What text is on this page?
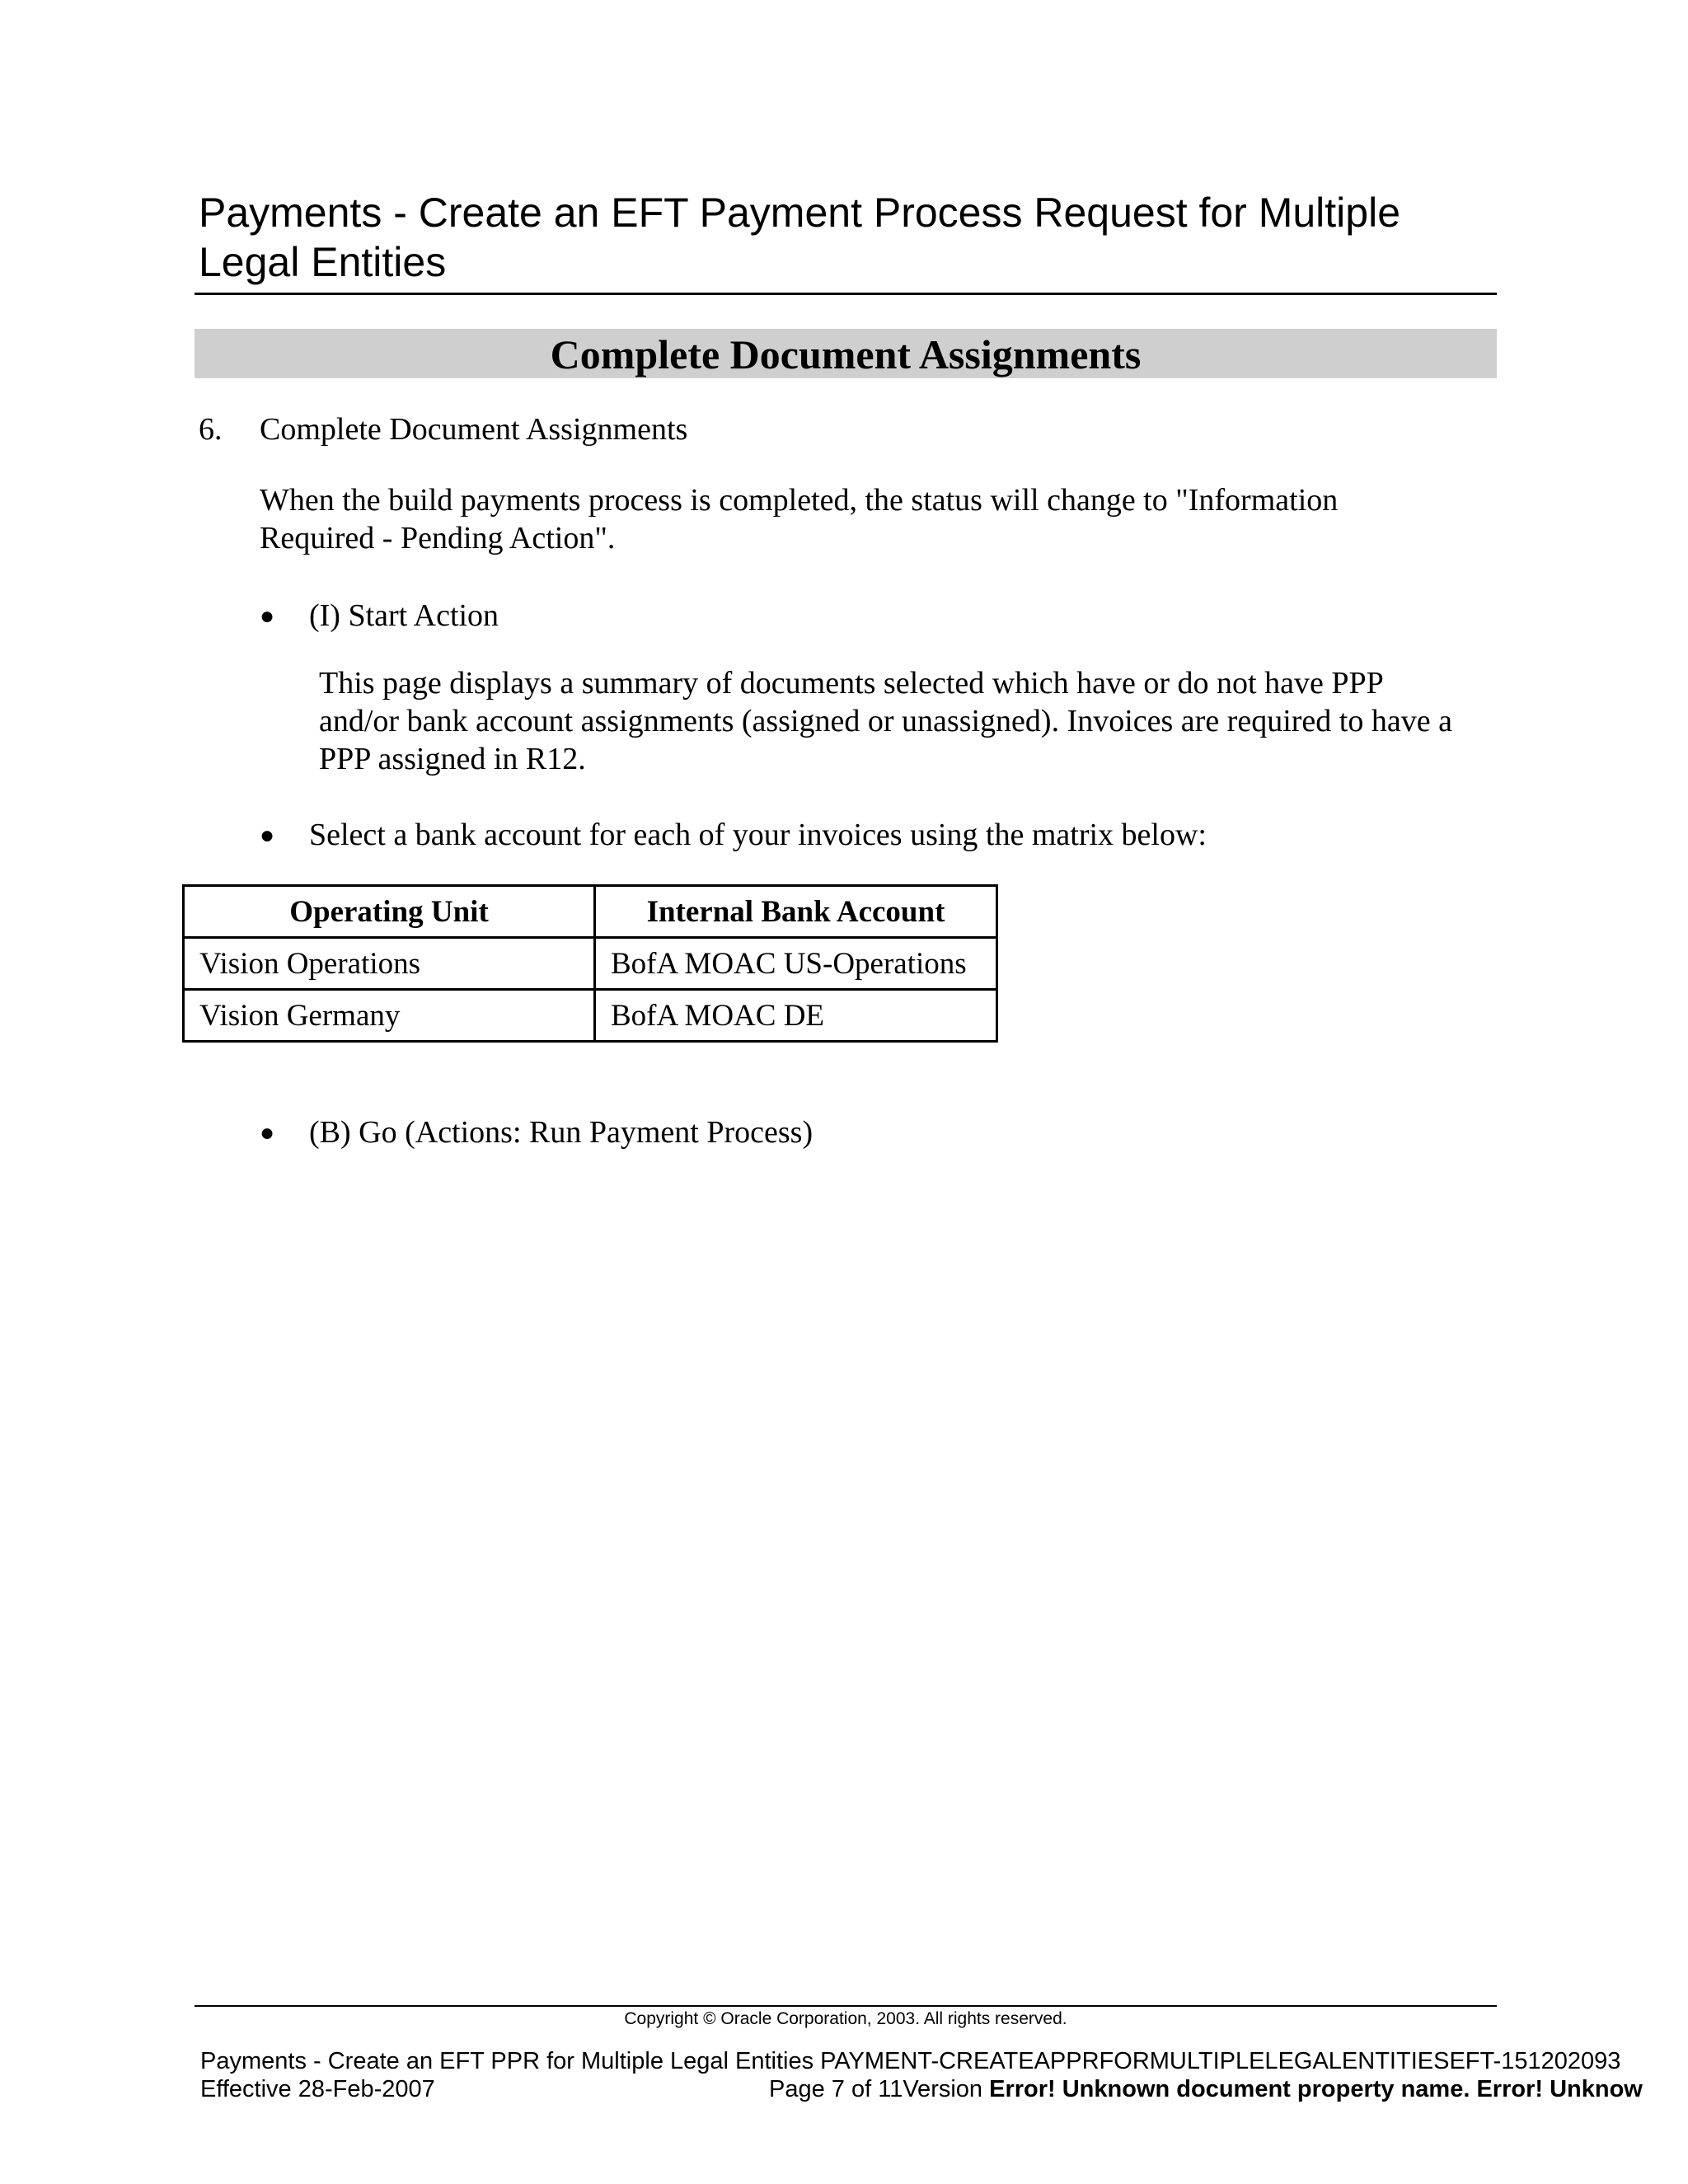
Payments - Create an EFT Payment Process Request for Multiple Legal Entities
Complete Document Assignments
6. Complete Document Assignments

When the build payments process is completed, the status will change to "Information Required - Pending Action".

● (I) Start Action

This page displays a summary of documents selected which have or do not have PPP and/or bank account assignments (assigned or unassigned). Invoices are required to have a PPP assigned in R12.

● Select a bank account for each of your invoices using the matrix below:
Operating Unit	Internal Bank Account
Vision Operations	BofA MOAC US-Operations
Vision Germany	BofA MOAC DE
● (B) Go (Actions: Run Payment Process)
Copyright © Oracle Corporation, 2003. All rights reserved.
Payments - Create an EFT PPR for Multiple Legal Entities PAYMENT-CREATEAPPRFORMULTIPLELEGALENTITIESEFT-151202093
Effective 28-Feb-2007	Page 7 of 11Version Error! Unknown document property name. Error! Unknow
